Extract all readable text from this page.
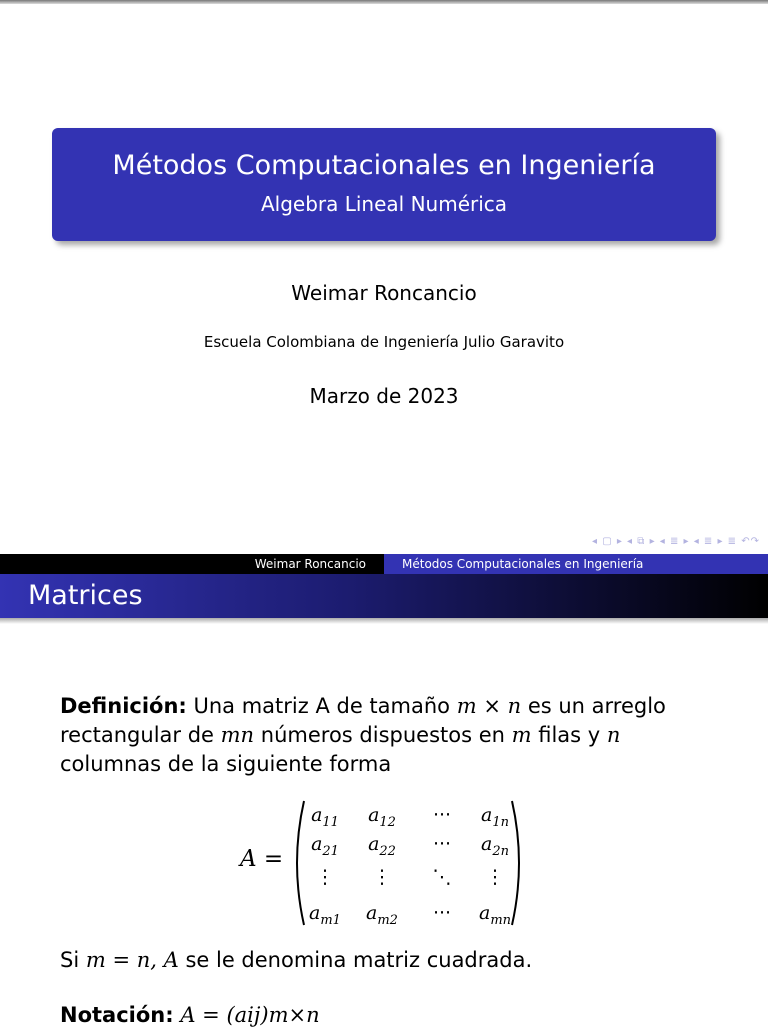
Métodos Computacionales en Ingeniería
Algebra Lineal Numérica
Weimar Roncancio
Escuela Colombiana de Ingeniería Julio Garavito
Marzo de 2023
◂ ▢ ▸ ◂ ⧉ ▸ ◂ ≣ ▸ ◂ ≣ ▸ ≣ ↶↷
Weimar Roncancio	Métodos Computacionales en Ingeniería
Matrices
Definición: Una matriz A de tamaño m × n es un arreglo rectangular de mn números dispuestos en m filas y n columnas de la siguiente forma
A =
$a_{11}$	$a_{12}$	···	$a_{1n}$
$a_{21}$	$a_{22}$	···	$a_{2n}$
⋮	⋮	⋱	⋮
$a_{m1}$	$a_{m2}$	···	$a_{mn}$
Si m = n, A se le denomina matriz cuadrada.
Notación: A = (aij)m×n
